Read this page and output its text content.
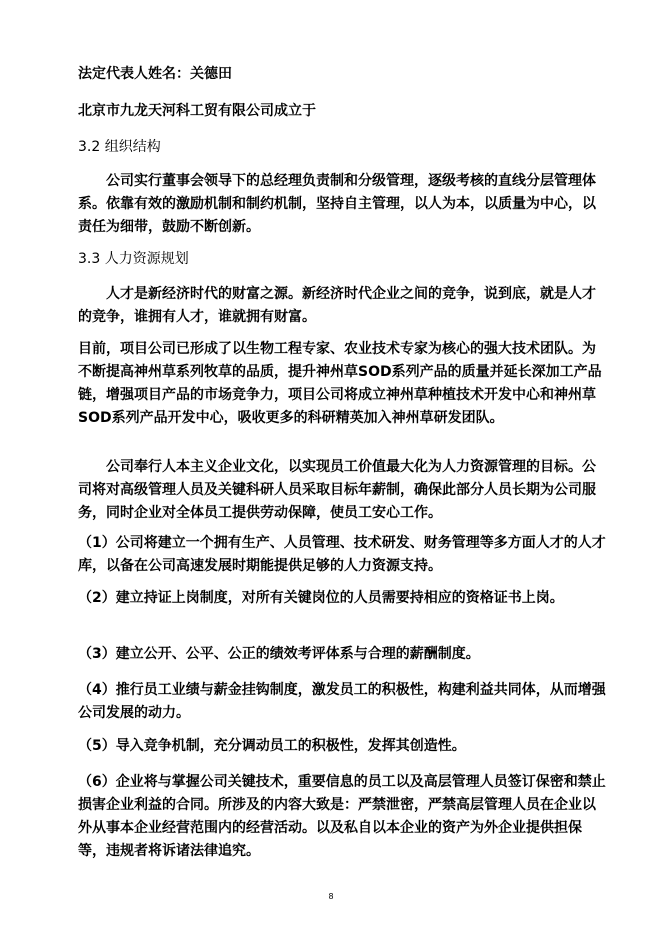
法定代表人姓名：关德田

北京市九龙天河科工贸有限公司成立于

3.2 组织结构

公司实行董事会领导下的总经理负责制和分级管理，逐级考核的直线分层管理体系。依靠有效的激励机制和制约机制，坚持自主管理，以人为本，以质量为中心，以责任为细带，鼓励不断创新。

3.3 人力资源规划

人才是新经济时代的财富之源。新经济时代企业之间的竞争，说到底，就是人才的竞争，谁拥有人才，谁就拥有财富。

目前，项目公司已形成了以生物工程专家、农业技术专家为核心的强大技术团队。为不断提高神州草系列牧草的品质，提升神州草SOD系列产品的质量并延长深加工产品链，增强项目产品的市场竞争力，项目公司将成立神州草种植技术开发中心和神州草SOD系列产品开发中心，吸收更多的科研精英加入神州草研发团队。

公司奉行人本主义企业文化，以实现员工价值最大化为人力资源管理的目标。公司将对高级管理人员及关键科研人员采取目标年薪制，确保此部分人员长期为公司服务，同时企业对全体员工提供劳动保障，使员工安心工作。

（1）公司将建立一个拥有生产、人员管理、技术研发、财务管理等多方面人才的人才库，以备在公司高速发展时期能提供足够的人力资源支持。

（2）建立持证上岗制度，对所有关键岗位的人员需要持相应的资格证书上岗。

（3）建立公开、公平、公正的绩效考评体系与合理的薪酬制度。

（4）推行员工业绩与薪金挂钩制度，激发员工的积极性，构建利益共同体，从而增强公司发展的动力。

（5）导入竞争机制，充分调动员工的积极性，发挥其创造性。

（6）企业将与掌握公司关键技术，重要信息的员工以及高层管理人员签订保密和禁止损害企业利益的合同。所涉及的内容大致是：严禁泄密，严禁高层管理人员在企业以外从事本企业经营范围内的经营活动。以及私自以本企业的资产为外企业提供担保等，违规者将诉诸法律追究。

8
